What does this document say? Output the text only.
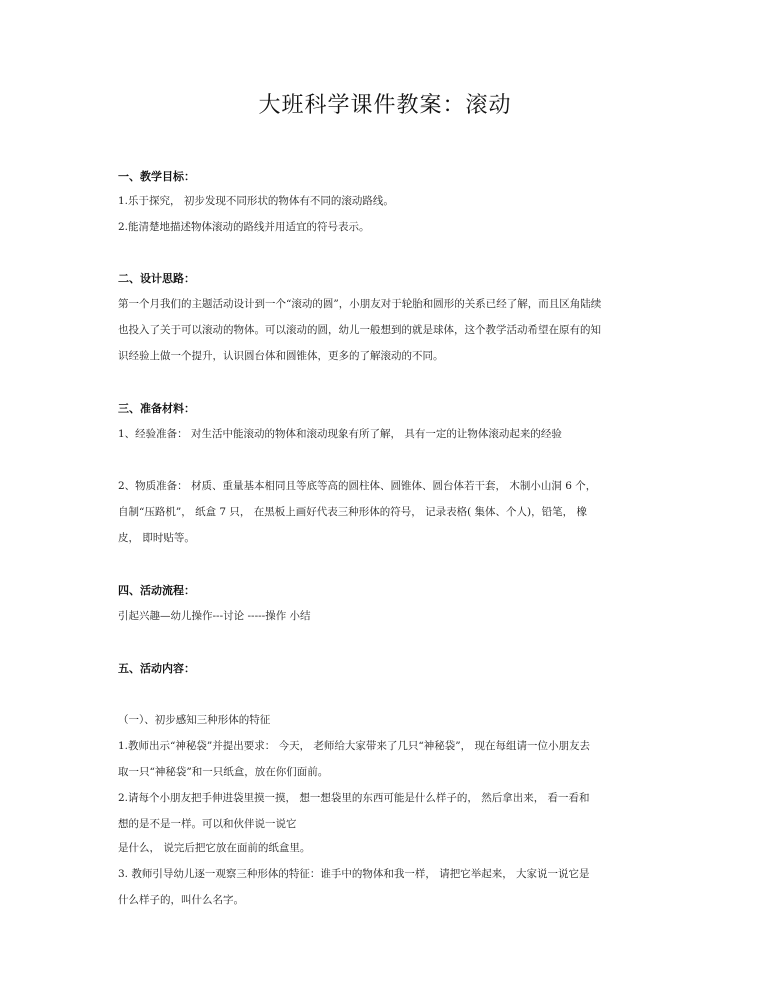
大班科学课件教案：滚动
一、教学目标：
1.乐于探究， 初步发现不同形状的物体有不同的滚动路线。
2.能清楚地描述物体滚动的路线并用适宜的符号表示。
二、设计思路：
第一个月我们的主题活动设计到一个“滚动的圆”，小朋友对于轮胎和圆形的关系已经了解，而且区角陆续
也投入了关于可以滚动的物体。可以滚动的圆，幼儿一般想到的就是球体，这个教学活动希望在原有的知
识经验上做一个提升，认识圆台体和圆锥体，更多的了解滚动的不同。
三、准备材料：
1、经验准备： 对生活中能滚动的物体和滚动现象有所了解， 具有一定的让物体滚动起来的经验
2、物质准备： 材质、重量基本相同且等底等高的圆柱体、圆锥体、圆台体若干套， 木制小山洞 6 个，
自制“压路机”， 纸盒 7 只， 在黑板上画好代表三种形体的符号， 记录表格( 集体、个人)，铅笔， 橡
皮， 即时贴等。
四、活动流程：
引起兴趣—幼儿操作---讨论 -----操作 小结
五、活动内容：
（一）、初步感知三种形体的特征
1.教师出示“神秘袋”并提出要求： 今天， 老师给大家带来了几只“神秘袋”， 现在每组请一位小朋友去
取一只“神秘袋”和一只纸盒，放在你们面前。
2.请每个小朋友把手伸进袋里摸一摸， 想一想袋里的东西可能是什么样子的， 然后拿出来， 看一看和
想的是不是一样。可以和伙伴说一说它
是什么， 说完后把它放在面前的纸盒里。
3. 教师引导幼儿逐一观察三种形体的特征：谁手中的物体和我一样， 请把它举起来， 大家说一说它是
什么样子的，叫什么名字。
